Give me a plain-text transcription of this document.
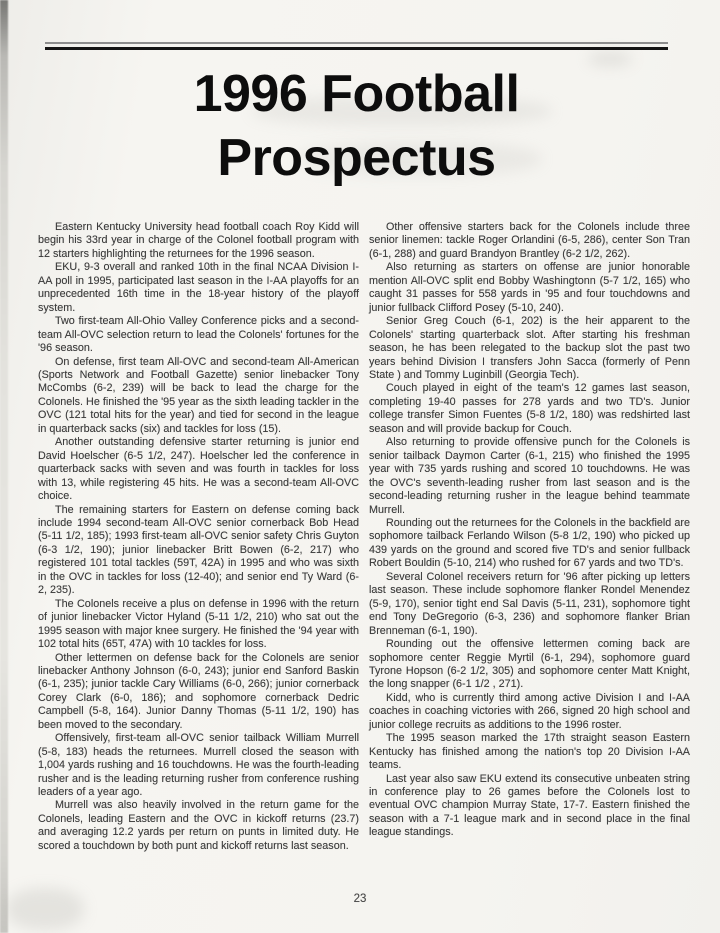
1996 Football
Prospectus

Eastern Kentucky University head football coach Roy Kidd will begin his 33rd year in charge of the Colonel football program with 12 starters highlighting the returnees for the 1996 season.

EKU, 9-3 overall and ranked 10th in the final NCAA Division I-AA poll in 1995, participated last season in the I-AA playoffs for an unprecedented 16th time in the 18-year history of the playoff system.

Two first-team All-Ohio Valley Conference picks and a second-team All-OVC selection return to lead the Colonels' fortunes for the '96 season.

On defense, first team All-OVC and second-team All-American (Sports Network and Football Gazette) senior linebacker Tony McCombs (6-2, 239) will be back to lead the charge for the Colonels. He finished the '95 year as the sixth leading tackler in the OVC (121 total hits for the year) and tied for second in the league in quarterback sacks (six) and tackles for loss (15).

Another outstanding defensive starter returning is junior end David Hoelscher (6-5 1/2, 247). Hoelscher led the conference in quarterback sacks with seven and was fourth in tackles for loss with 13, while registering 45 hits. He was a second-team All-OVC choice.

The remaining starters for Eastern on defense coming back include 1994 second-team All-OVC senior cornerback Bob Head (5-11 1/2, 185); 1993 first-team all-OVC senior safety Chris Guyton (6-3 1/2, 190); junior linebacker Britt Bowen (6-2, 217) who registered 101 total tackles (59T, 42A) in 1995 and who was sixth in the OVC in tackles for loss (12-40); and senior end Ty Ward (6-2, 235).

The Colonels receive a plus on defense in 1996 with the return of junior linebacker Victor Hyland (5-11 1/2, 210) who sat out the 1995 season with major knee surgery. He finished the '94 year with 102 total hits (65T, 47A) with 10 tackles for loss.

Other lettermen on defense back for the Colonels are senior linebacker Anthony Johnson (6-0, 243); junior end Sanford Baskin (6-1, 235); junior tackle Cary Williams (6-0, 266); junior cornerback Corey Clark (6-0, 186); and sophomore cornerback Dedric Campbell (5-8, 164). Junior Danny Thomas (5-11 1/2, 190) has been moved to the secondary.

Offensively, first-team all-OVC senior tailback William Murrell (5-8, 183) heads the returnees. Murrell closed the season with 1,004 yards rushing and 16 touchdowns. He was the fourth-leading rusher and is the leading returning rusher from conference rushing leaders of a year ago.

Murrell was also heavily involved in the return game for the Colonels, leading Eastern and the OVC in kickoff returns (23.7) and averaging 12.2 yards per return on punts in limited duty. He scored a touchdown by both punt and kickoff returns last season.

Other offensive starters back for the Colonels include three senior linemen: tackle Roger Orlandini (6-5, 286), center Son Tran (6-1, 288) and guard Brandyon Brantley (6-2 1/2, 262).

Also returning as starters on offense are junior honorable mention All-OVC split end Bobby Washingtonn (5-7 1/2, 165) who caught 31 passes for 558 yards in '95 and four touchdowns and junior fullback Clifford Posey (5-10, 240).

Senior Greg Couch (6-1, 202) is the heir apparent to the Colonels' starting quarterback slot. After starting his freshman season, he has been relegated to the backup slot the past two years behind Division I transfers John Sacca (formerly of Penn State ) and Tommy Luginbill (Georgia Tech).

Couch played in eight of the team's 12 games last season, completing 19-40 passes for 278 yards and two TD's. Junior college transfer Simon Fuentes (5-8 1/2, 180) was redshirted last season and will provide backup for Couch.

Also returning to provide offensive punch for the Colonels is senior tailback Daymon Carter (6-1, 215) who finished the 1995 year with 735 yards rushing and scored 10 touchdowns. He was the OVC's seventh-leading rusher from last season and is the second-leading returning rusher in the league behind teammate Murrell.

Rounding out the returnees for the Colonels in the backfield are sophomore tailback Ferlando Wilson (5-8 1/2, 190) who picked up 439 yards on the ground and scored five TD's and senior fullback Robert Bouldin (5-10, 214) who rushed for 67 yards and two TD's.

Several Colonel receivers return for '96 after picking up letters last season. These include sophomore flanker Rondel Menendez (5-9, 170), senior tight end Sal Davis (5-11, 231), sophomore tight end Tony DeGregorio (6-3, 236) and sophomore flanker Brian Brenneman (6-1, 190).

Rounding out the offensive lettermen coming back are sophomore center Reggie Myrtil (6-1, 294), sophomore guard Tyrone Hopson (6-2 1/2, 305) and sophomore center Matt Knight, the long snapper (6-1 1/2 , 271).

Kidd, who is currently third among active Division I and I-AA coaches in coaching victories with 266, signed 20 high school and junior college recruits as additions to the 1996 roster.

The 1995 season marked the 17th straight season Eastern Kentucky has finished among the nation's top 20 Division I-AA teams.

Last year also saw EKU extend its consecutive unbeaten string in conference play to 26 games before the Colonels lost to eventual OVC champion Murray State, 17-7. Eastern finished the season with a 7-1 league mark and in second place in the final league standings.

23
